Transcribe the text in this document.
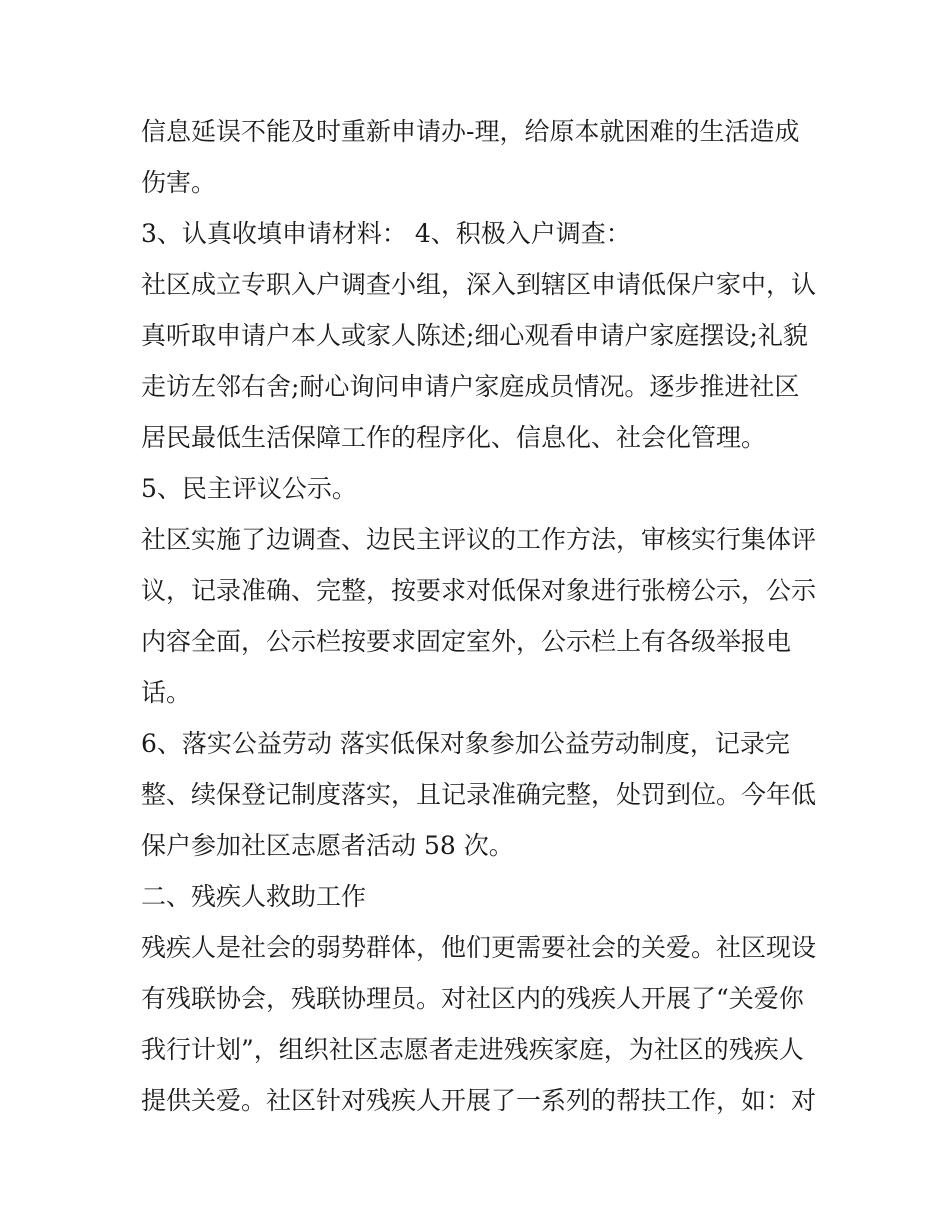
信息延误不能及时重新申请办-理，给原本就困难的生活造成
伤害。
3、认真收填申请材料： 4、积极入户调查：
社区成立专职入户调查小组，深入到辖区申请低保户家中，认
真听取申请户本人或家人陈述;细心观看申请户家庭摆设;礼貌
走访左邻右舍;耐心询问申请户家庭成员情况。逐步推进社区
居民最低生活保障工作的程序化、信息化、社会化管理。
5、民主评议公示。
社区实施了边调查、边民主评议的工作方法，审核实行集体评
议，记录准确、完整，按要求对低保对象进行张榜公示，公示
内容全面，公示栏按要求固定室外，公示栏上有各级举报电
话。
6、落实公益劳动 落实低保对象参加公益劳动制度，记录完
整、续保登记制度落实，且记录准确完整，处罚到位。今年低
保户参加社区志愿者活动 58 次。
二、残疾人救助工作
残疾人是社会的弱势群体，他们更需要社会的关爱。社区现设
有残联协会，残联协理员。对社区内的残疾人开展了“关爱你
我行计划”，组织社区志愿者走进残疾家庭，为社区的残疾人
提供关爱。社区针对残疾人开展了一系列的帮扶工作，如：对
